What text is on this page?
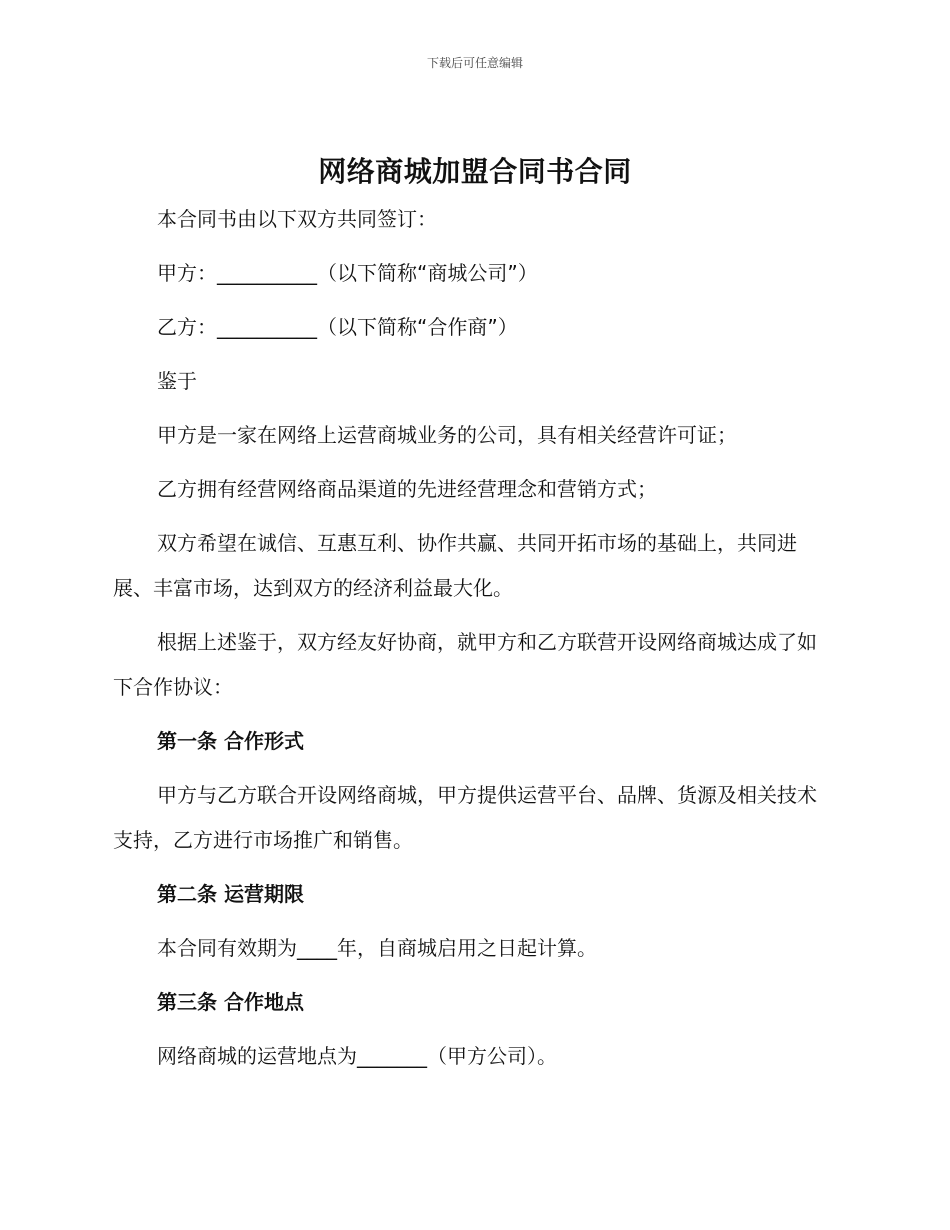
下载后可任意编辑
网络商城加盟合同书合同

本合同书由以下双方共同签订：

甲方：__________（以下简称“商城公司”）

乙方：__________（以下简称“合作商”）

鉴于

甲方是一家在网络上运营商城业务的公司，具有相关经营许可证；

乙方拥有经营网络商品渠道的先进经营理念和营销方式；

双方希望在诚信、互惠互利、协作共赢、共同开拓市场的基础上，共同进展、丰富市场，达到双方的经济利益最大化。

根据上述鉴于，双方经友好协商，就甲方和乙方联营开设网络商城达成了如下合作协议：

第一条 合作形式

甲方与乙方联合开设网络商城，甲方提供运营平台、品牌、货源及相关技术支持，乙方进行市场推广和销售。

第二条 运营期限

本合同有效期为____年，自商城启用之日起计算。

第三条 合作地点

网络商城的运营地点为_______（甲方公司）。
